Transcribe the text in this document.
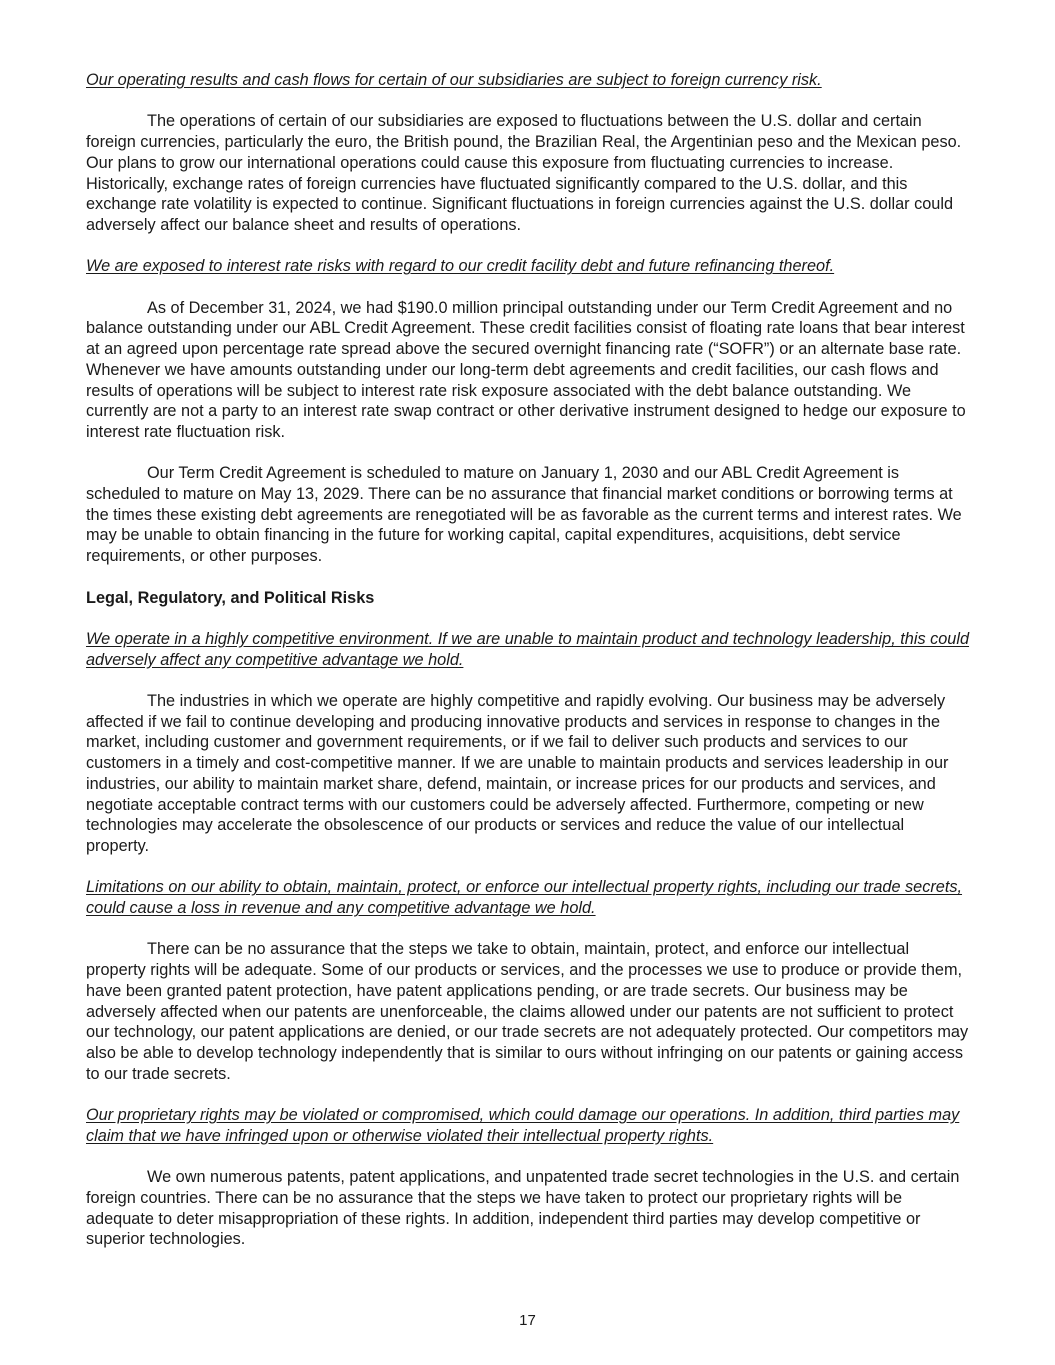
Our operating results and cash flows for certain of our subsidiaries are subject to foreign currency risk.

The operations of certain of our subsidiaries are exposed to fluctuations between the U.S. dollar and certain foreign currencies, particularly the euro, the British pound, the Brazilian Real, the Argentinian peso and the Mexican peso. Our plans to grow our international operations could cause this exposure from fluctuating currencies to increase. Historically, exchange rates of foreign currencies have fluctuated significantly compared to the U.S. dollar, and this exchange rate volatility is expected to continue. Significant fluctuations in foreign currencies against the U.S. dollar could adversely affect our balance sheet and results of operations.

We are exposed to interest rate risks with regard to our credit facility debt and future refinancing thereof.

As of December 31, 2024, we had $190.0 million principal outstanding under our Term Credit Agreement and no balance outstanding under our ABL Credit Agreement. These credit facilities consist of floating rate loans that bear interest at an agreed upon percentage rate spread above the secured overnight financing rate (“SOFR”) or an alternate base rate. Whenever we have amounts outstanding under our long-term debt agreements and credit facilities, our cash flows and results of operations will be subject to interest rate risk exposure associated with the debt balance outstanding. We currently are not a party to an interest rate swap contract or other derivative instrument designed to hedge our exposure to interest rate fluctuation risk.

Our Term Credit Agreement is scheduled to mature on January 1, 2030 and our ABL Credit Agreement is scheduled to mature on May 13, 2029. There can be no assurance that financial market conditions or borrowing terms at the times these existing debt agreements are renegotiated will be as favorable as the current terms and interest rates. We may be unable to obtain financing in the future for working capital, capital expenditures, acquisitions, debt service requirements, or other purposes.

Legal, Regulatory, and Political Risks

We operate in a highly competitive environment. If we are unable to maintain product and technology leadership, this could adversely affect any competitive advantage we hold.

The industries in which we operate are highly competitive and rapidly evolving. Our business may be adversely affected if we fail to continue developing and producing innovative products and services in response to changes in the market, including customer and government requirements, or if we fail to deliver such products and services to our customers in a timely and cost-competitive manner. If we are unable to maintain products and services leadership in our industries, our ability to maintain market share, defend, maintain, or increase prices for our products and services, and negotiate acceptable contract terms with our customers could be adversely affected. Furthermore, competing or new technologies may accelerate the obsolescence of our products or services and reduce the value of our intellectual property.

Limitations on our ability to obtain, maintain, protect, or enforce our intellectual property rights, including our trade secrets, could cause a loss in revenue and any competitive advantage we hold.

There can be no assurance that the steps we take to obtain, maintain, protect, and enforce our intellectual property rights will be adequate. Some of our products or services, and the processes we use to produce or provide them, have been granted patent protection, have patent applications pending, or are trade secrets. Our business may be adversely affected when our patents are unenforceable, the claims allowed under our patents are not sufficient to protect our technology, our patent applications are denied, or our trade secrets are not adequately protected. Our competitors may also be able to develop technology independently that is similar to ours without infringing on our patents or gaining access to our trade secrets.

Our proprietary rights may be violated or compromised, which could damage our operations. In addition, third parties may claim that we have infringed upon or otherwise violated their intellectual property rights.

We own numerous patents, patent applications, and unpatented trade secret technologies in the U.S. and certain foreign countries. There can be no assurance that the steps we have taken to protect our proprietary rights will be adequate to deter misappropriation of these rights. In addition, independent third parties may develop competitive or superior technologies.

17
